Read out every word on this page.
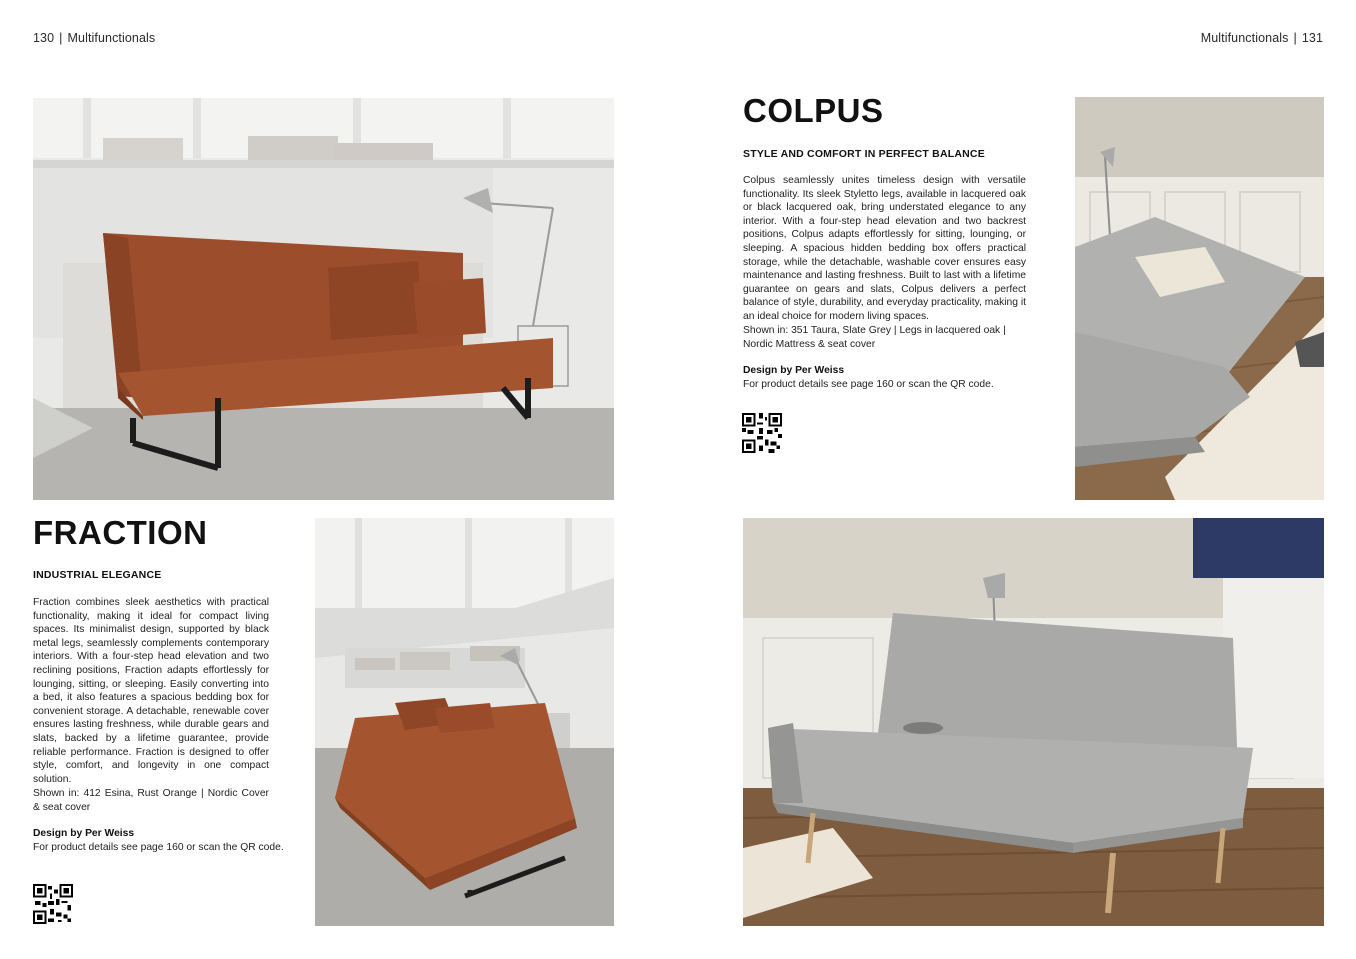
130 | Multifunctionals	Multifunctionals | 131
FRACTION
INDUSTRIAL ELEGANCE
Fraction combines sleek aesthetics with practical functionality, making it ideal for compact living spaces. Its minimalist design, supported by black metal legs, seamlessly complements contemporary interiors. With a four-step head elevation and two reclining positions, Fraction adapts effortlessly for lounging, sitting, or sleeping. Easily converting into a bed, it also features a spacious bedding box for convenient storage. A detachable, renewable cover ensures lasting freshness, while durable gears and slats, backed by a lifetime guarantee, provide reliable performance. Fraction is designed to offer style, comfort, and longevity in one compact solution.
Shown in: 412 Esina, Rust Orange | Nordic Cover & seat cover
Design by Per Weiss
For product details see page 160 or scan the QR code.
COLPUS
STYLE AND COMFORT IN PERFECT BALANCE
Colpus seamlessly unites timeless design with versatile functionality. Its sleek Styletto legs, available in lacquered oak or black lacquered oak, bring understated elegance to any interior. With a four-step head elevation and two backrest positions, Colpus adapts effortlessly for sitting, lounging, or sleeping. A spacious hidden bedding box offers practical storage, while the detachable, washable cover ensures easy maintenance and lasting freshness. Built to last with a lifetime guarantee on gears and slats, Colpus delivers a perfect balance of style, durability, and everyday practicality, making it an ideal choice for modern living spaces.
Shown in: 351 Taura, Slate Grey | Legs in lacquered oak |
Nordic Mattress & seat cover
Design by Per Weiss
For product details see page 160 or scan the QR code.
